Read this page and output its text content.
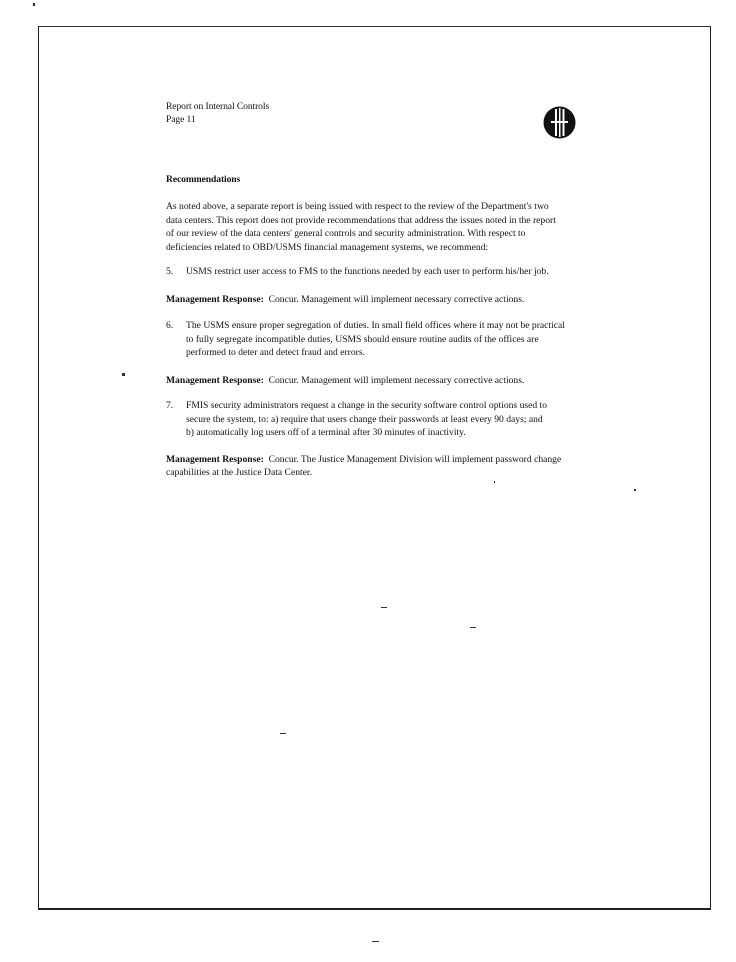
Report on Internal Controls
Page 11
Recommendations
As noted above, a separate report is being issued with respect to the review of the Department's two
data centers. This report does not provide recommendations that address the issues noted in the report
of our review of the data centers' general controls and security administration. With respect to
deficiencies related to OBD/USMS financial management systems, we recommend:
5. USMS restrict user access to FMS to the functions needed by each user to perform his/her job.
Management Response: Concur. Management will implement necessary corrective actions.
6. The USMS ensure proper segregation of duties. In small field offices where it may not be practical
to fully segregate incompatible duties, USMS should ensure routine audits of the offices are
performed to deter and detect fraud and errors.
Management Response: Concur. Management will implement necessary corrective actions.
7. FMIS security administrators request a change in the security software control options used to
secure the system, to: a) require that users change their passwords at least every 90 days; and
b) automatically log users off of a terminal after 30 minutes of inactivity.
Management Response: Concur. The Justice Management Division will implement password change
capabilities at the Justice Data Center.
